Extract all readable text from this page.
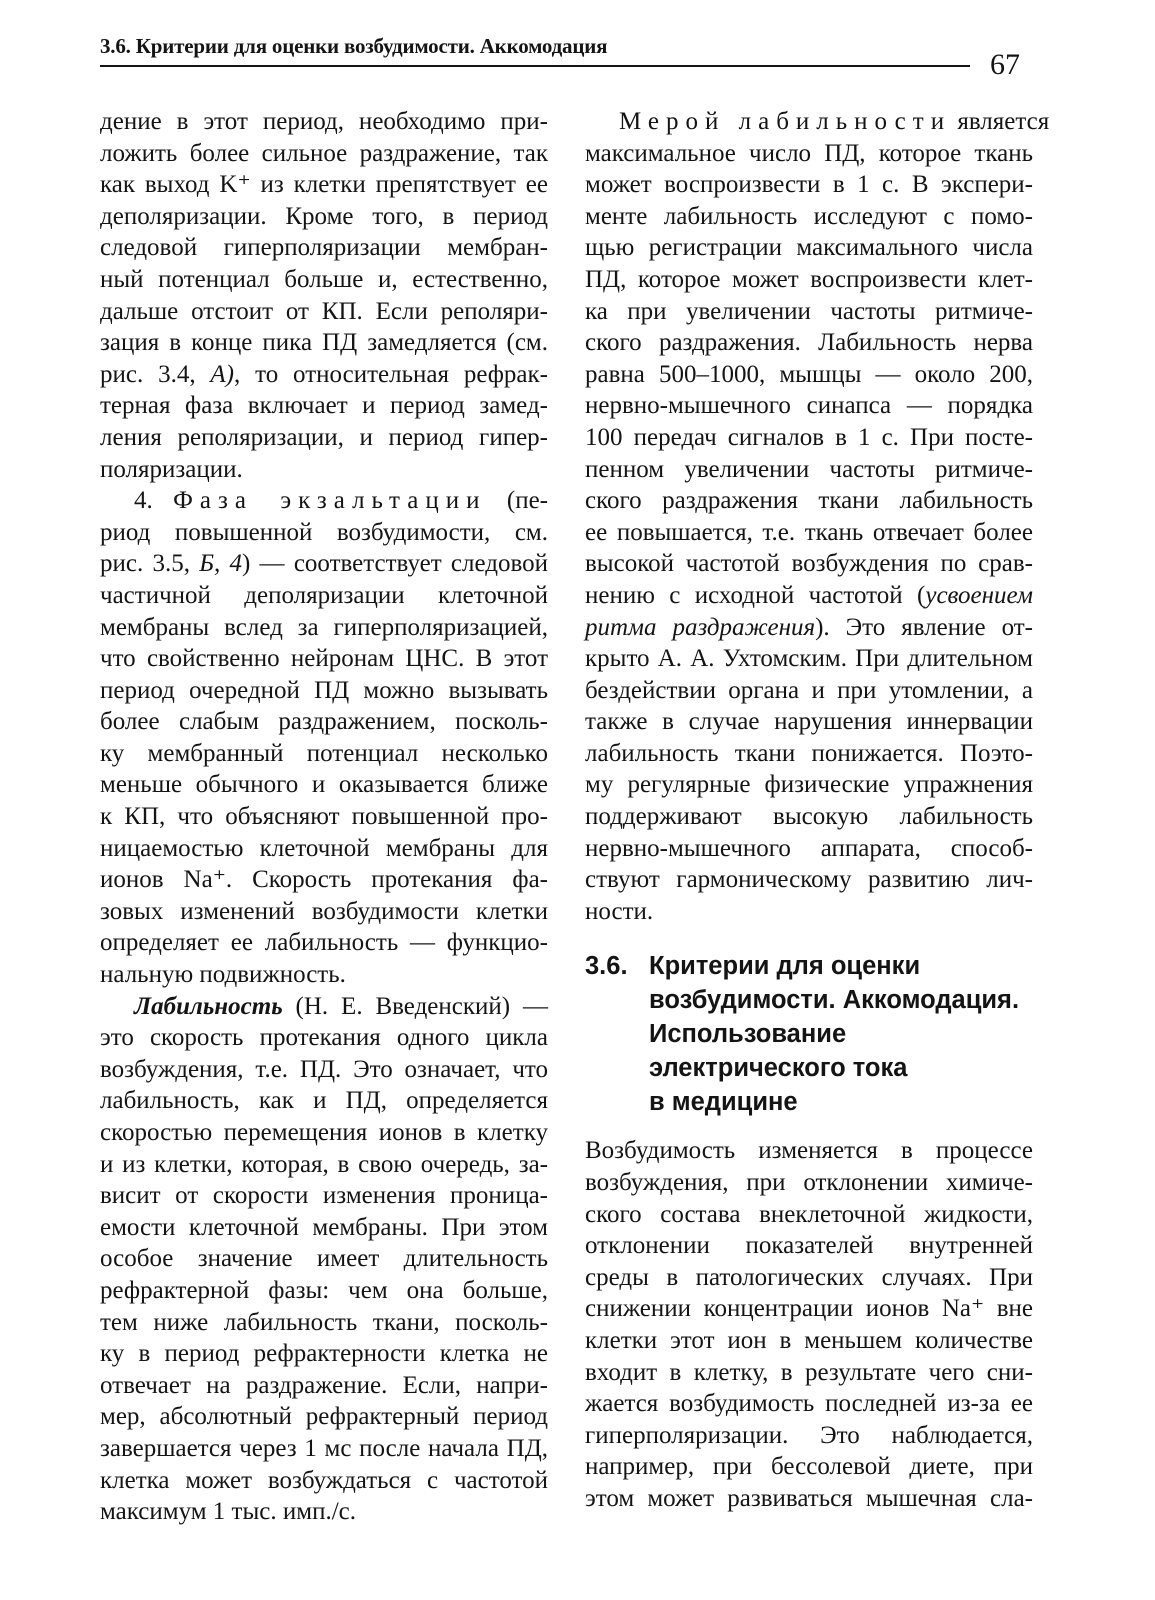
3.6. Критерии для оценки возбудимости. Аккомодация
67
дение в этот период, необходимо при-
ложить более сильное раздражение, так
как выход K⁺ из клетки препятствует ее
деполяризации. Кроме того, в период
следовой гиперполяризации мембран-
ный потенциал больше и, естественно,
дальше отстоит от КП. Если реполяри-
зация в конце пика ПД замедляется (см.
рис. 3.4, А), то относительная рефрак-
терная фаза включает и период замед-
ления реполяризации, и период гипер-
поляризации.
4. Фаза экзальтации (пе-
риод повышенной возбудимости, см.
рис. 3.5, Б, 4) — соответствует следовой
частичной деполяризации клеточной
мембраны вслед за гиперполяризацией,
что свойственно нейронам ЦНС. В этот
период очередной ПД можно вызывать
более слабым раздражением, посколь-
ку мембранный потенциал несколько
меньше обычного и оказывается ближе
к КП, что объясняют повышенной про-
ницаемостью клеточной мембраны для
ионов Na⁺. Скорость протекания фа-
зовых изменений возбудимости клетки
определяет ее лабильность — функцио-
нальную подвижность.
Лабильность (Н. Е. Введенский) —
это скорость протекания одного цикла
возбуждения, т.е. ПД. Это означает, что
лабильность, как и ПД, определяется
скоростью перемещения ионов в клетку
и из клетки, которая, в свою очередь, за-
висит от скорости изменения проница-
емости клеточной мембраны. При этом
особое значение имеет длительность
рефрактерной фазы: чем она больше,
тем ниже лабильность ткани, посколь-
ку в период рефрактерности клетка не
отвечает на раздражение. Если, напри-
мер, абсолютный рефрактерный период
завершается через 1 мс после начала ПД,
клетка может возбуждаться с частотой
максимум 1 тыс. имп./с.
Мерой лабильности является
максимальное число ПД, которое ткань
может воспроизвести в 1 с. В экспери-
менте лабильность исследуют с помо-
щью регистрации максимального числа
ПД, которое может воспроизвести клет-
ка при увеличении частоты ритмиче-
ского раздражения. Лабильность нерва
равна 500–1000, мышцы — около 200,
нервно-мышечного синапса — порядка
100 передач сигналов в 1 с. При посте-
пенном увеличении частоты ритмиче-
ского раздражения ткани лабильность
ее повышается, т.е. ткань отвечает более
высокой частотой возбуждения по срав-
нению с исходной частотой (усвоением
ритма раздражения). Это явление от-
крыто А. А. Ухтомским. При длительном
бездействии органа и при утомлении, а
также в случае нарушения иннервации
лабильность ткани понижается. Поэто-
му регулярные физические упражнения
поддерживают высокую лабильность
нервно-мышечного аппарата, способ-
ствуют гармоническому развитию лич-
ности.
3.6. Критерии для оценки
возбудимости. Аккомодация.
Использование
электрического тока
в медицине
Возбудимость изменяется в процессе
возбуждения, при отклонении химиче-
ского состава внеклеточной жидкости,
отклонении показателей внутренней
среды в патологических случаях. При
снижении концентрации ионов Na⁺ вне
клетки этот ион в меньшем количестве
входит в клетку, в результате чего сни-
жается возбудимость последней из-за ее
гиперполяризации. Это наблюдается,
например, при бессолевой диете, при
этом может развиваться мышечная сла-
